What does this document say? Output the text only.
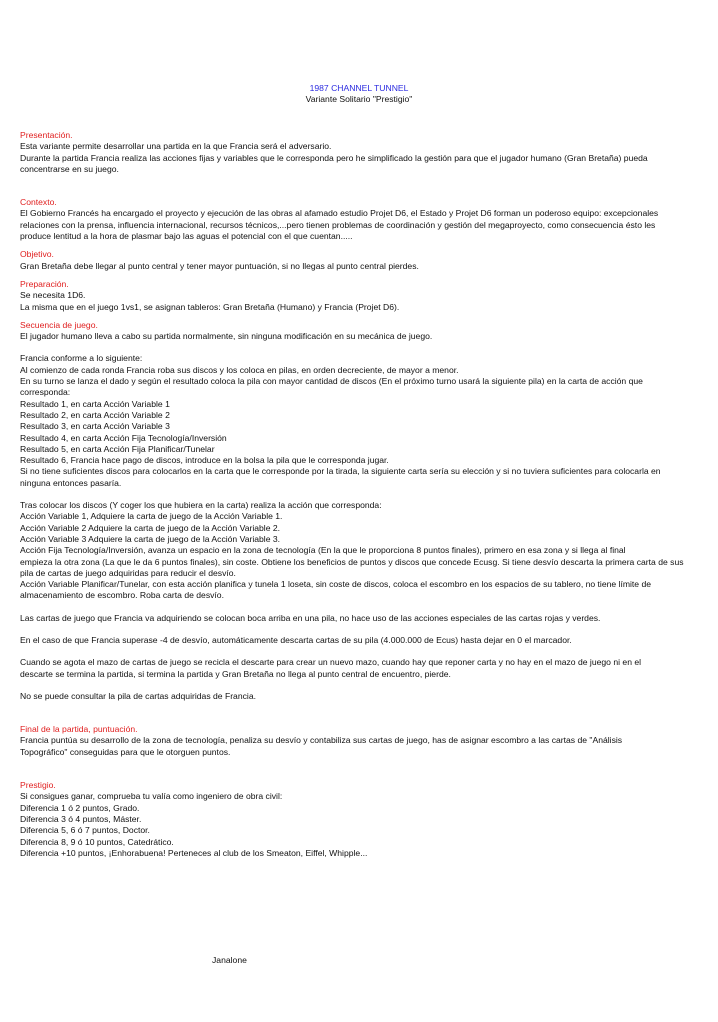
1987 CHANNEL TUNNEL
Variante Solitario "Prestigio"
Presentación.
Esta variante permite desarrollar una partida en la que Francia será el adversario.
Durante la partida Francia realiza las acciones fijas y variables que le corresponda pero he simplificado la gestión para que el jugador humano (Gran Bretaña) pueda
concentrarse en su juego.
Contexto.
El Gobierno Francés ha encargado el proyecto y ejecución de las obras al afamado estudio Projet D6, el Estado y Projet D6 forman un poderoso equipo: excepcionales
relaciones con la prensa, influencia internacional, recursos técnicos,...pero tienen problemas de coordinación y gestión del megaproyecto, como consecuencia ésto les
produce lentitud a la hora de plasmar bajo las aguas el potencial con el que cuentan.....
Objetivo.
Gran Bretaña debe llegar al punto central y tener mayor puntuación, si no llegas al punto central pierdes.
Preparación.
Se necesita 1D6.
La misma que en el juego 1vs1, se asignan tableros: Gran Bretaña (Humano) y Francia (Projet D6).
Secuencia de juego.
El jugador humano lleva a cabo su partida normalmente, sin ninguna modificación en su mecánica de juego.
Francia conforme a lo siguiente:
Al comienzo de cada ronda Francia roba sus discos y los coloca en pilas, en orden decreciente, de mayor a menor.
En su turno se lanza el dado y según el resultado coloca la pila con mayor cantidad de discos (En el próximo turno usará la siguiente pila) en la carta de acción que
corresponda:
Resultado 1, en carta Acción Variable 1
Resultado 2, en carta Acción Variable 2
Resultado 3, en carta Acción Variable 3
Resultado 4, en carta Acción Fija Tecnología/Inversión
Resultado 5, en carta Acción Fija Planificar/Tunelar
Resultado 6, Francia hace pago de discos, introduce en la bolsa la pila que le corresponda jugar.
Si no tiene suficientes discos para colocarlos en la carta que le corresponde por la tirada, la siguiente carta sería su elección y si no tuviera suficientes para colocarla en
ninguna entonces pasaría.
Tras colocar los discos (Y coger los que hubiera en la carta) realiza la acción que corresponda:
Acción Variable 1, Adquiere la carta de juego de la Acción Variable 1.
Acción Variable 2 Adquiere la carta de juego de la Acción Variable 2.
Acción Variable 3 Adquiere la carta de juego de la Acción Variable 3.
Acción Fija Tecnología/Inversión, avanza un espacio en la zona de tecnología (En la que le proporciona 8 puntos finales), primero en esa zona y si llega al final
empieza la otra zona (La que le da 6 puntos finales), sin coste. Obtiene los beneficios de puntos y discos que concede Ecusg. Si tiene desvío descarta la primera carta de sus
pila de cartas de juego adquiridas para reducir el desvío.
Acción Variable Planificar/Tunelar, con esta acción planifica y tunela 1 loseta, sin coste de discos, coloca el escombro en los espacios de su tablero, no tiene límite de
almacenamiento de escombro. Roba carta de desvío.
Las cartas de juego que Francia va adquiriendo se colocan boca arriba en una pila, no hace uso de las acciones especiales de las cartas rojas y verdes.
En el caso de que Francia superase -4 de desvío, automáticamente descarta cartas de su pila (4.000.000 de Ecus) hasta dejar en 0 el marcador.
Cuando se agota el mazo de cartas de juego se recicla el descarte para crear un nuevo mazo, cuando hay que reponer carta y no hay en el mazo de juego ni en el
descarte se termina la partida, si termina la partida y Gran Bretaña no llega al punto central de encuentro, pierde.
No se puede consultar la pila de cartas adquiridas de Francia.
Final de la partida, puntuación.
Francia puntúa su desarrollo de la zona de tecnología, penaliza su desvío y contabiliza sus cartas de juego, has de asignar escombro a las cartas de "Análisis
Topográfico" conseguidas para que le otorguen puntos.
Prestigio.
Si consigues ganar, comprueba tu valía como ingeniero de obra civil:
Diferencia 1 ó 2 puntos, Grado.
Diferencia 3 ó 4 puntos, Máster.
Diferencia 5, 6 ó 7 puntos, Doctor.
Diferencia 8, 9 ó 10 puntos, Catedrático.
Diferencia +10 puntos, ¡Enhorabuena! Perteneces al club de los Smeaton, Eiffel, Whipple...
Janalone
